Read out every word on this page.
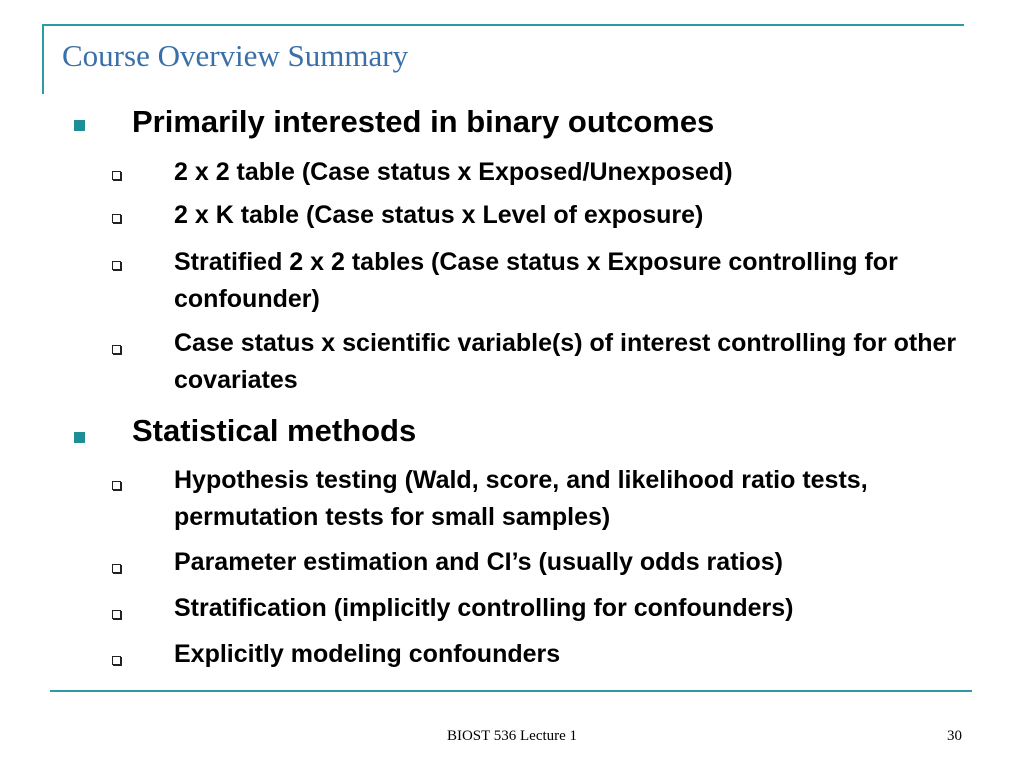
Course Overview Summary
Primarily interested in binary outcomes
2 x 2 table (Case status x Exposed/Unexposed)
2 x K table (Case status x Level of exposure)
Stratified 2 x 2 tables (Case status x Exposure controlling for confounder)
Case status x scientific variable(s) of interest controlling for other covariates
Statistical methods
Hypothesis testing (Wald, score, and likelihood ratio tests, permutation tests for small samples)
Parameter estimation and CI’s (usually odds ratios)
Stratification (implicitly controlling for confounders)
Explicitly modeling confounders
BIOST 536 Lecture 1	30
